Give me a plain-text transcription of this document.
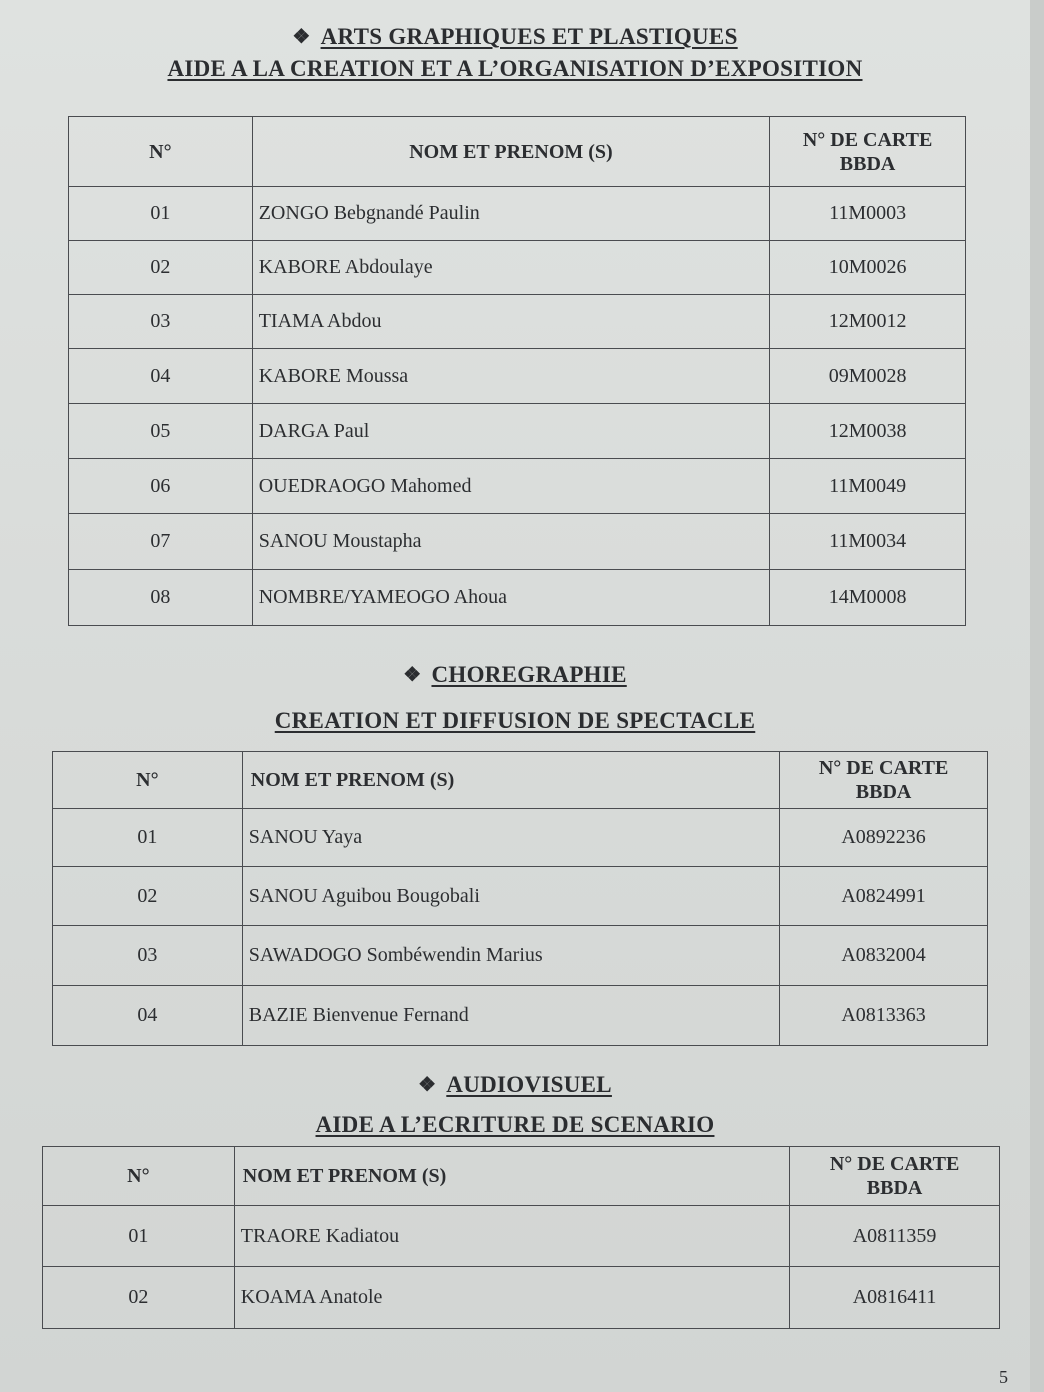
❖ ARTS GRAPHIQUES ET PLASTIQUES
AIDE A LA CREATION ET A L’ORGANISATION D’EXPOSITION
N°	NOM ET PRENOM (S)	N° DE CARTE
BBDA
01	ZONGO Bebgnandé Paulin	11M0003
02	KABORE Abdoulaye	10M0026
03	TIAMA Abdou	12M0012
04	KABORE Moussa	09M0028
05	DARGA Paul	12M0038
06	OUEDRAOGO Mahomed	11M0049
07	SANOU Moustapha	11M0034
08	NOMBRE/YAMEOGO Ahoua	14M0008
❖ CHOREGRAPHIE
CREATION ET DIFFUSION DE SPECTACLE
N°	NOM ET PRENOM (S)	N° DE CARTE
BBDA
01	SANOU Yaya	A0892236
02	SANOU Aguibou Bougobali	A0824991
03	SAWADOGO Sombéwendin Marius	A0832004
04	BAZIE Bienvenue Fernand	A0813363
❖ AUDIOVISUEL
AIDE A L’ECRITURE DE SCENARIO
N°	NOM ET PRENOM (S)	N° DE CARTE
BBDA
01	TRAORE Kadiatou	A0811359
02	KOAMA Anatole	A0816411
5
